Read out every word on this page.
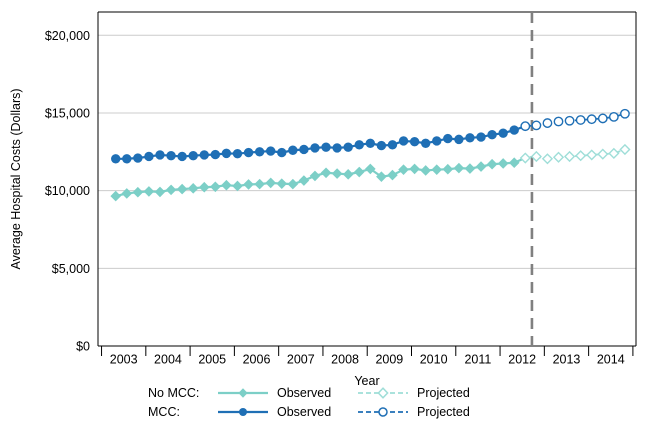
$0
$5,000
$10,000
$15,000
$20,000
2003 2004 2005 2006 2007 2008 2009 2010 2011 2012 2013 2014
Year
Average Hospital Costs (Dollars)
No MCC:	Observed	Projected
MCC:	Observed	Projected
